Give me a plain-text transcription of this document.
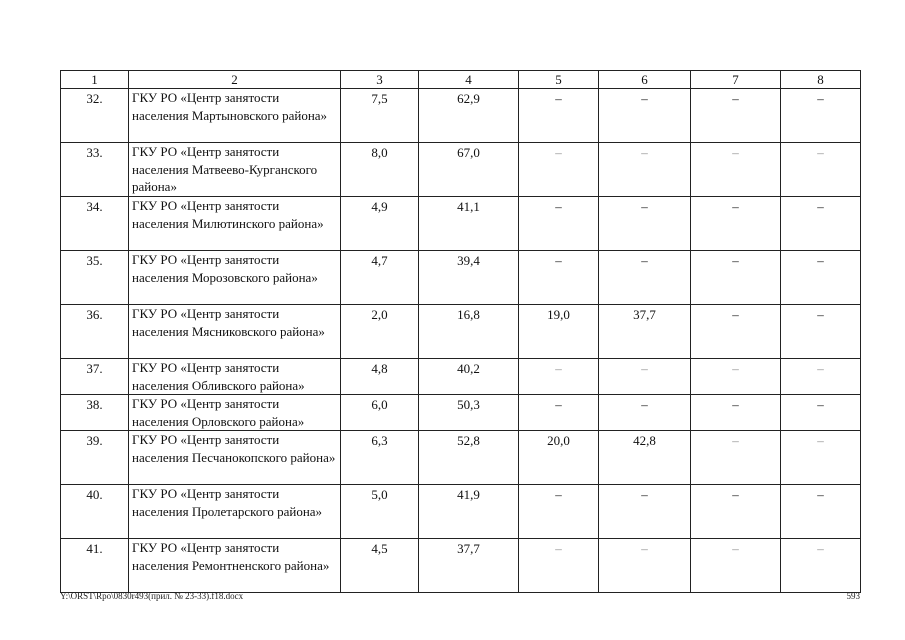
1	2	3	4	5	6	7	8
32.	ГКУ РО «Центр занятости населения Мартыновского района»	7,5	62,9	–	–	–	–
33.	ГКУ РО «Центр занятости населения Матвеево-Курганского района»	8,0	67,0	–	–	–	–
34.	ГКУ РО «Центр занятости населения Милютинского района»	4,9	41,1	–	–	–	–
35.	ГКУ РО «Центр занятости населения Морозовского района»	4,7	39,4	–	–	–	–
36.	ГКУ РО «Центр занятости населения Мясниковского района»	2,0	16,8	19,0	37,7	–	–
37.	ГКУ РО «Центр занятости населения Обливского района»	4,8	40,2	–	–	–	–
38.	ГКУ РО «Центр занятости населения Орловского района»	6,0	50,3	–	–	–	–
39.	ГКУ РО «Центр занятости населения Песчанокопского района»	6,3	52,8	20,0	42,8	–	–
40.	ГКУ РО «Центр занятости населения Пролетарского района»	5,0	41,9	–	–	–	–
41.	ГКУ РО «Центр занятости населения Ремонтненского района»	4,5	37,7	–	–	–	–
Y:\ORST\Rpo\0830r493(прил. № 23-33).f18.docx	593
